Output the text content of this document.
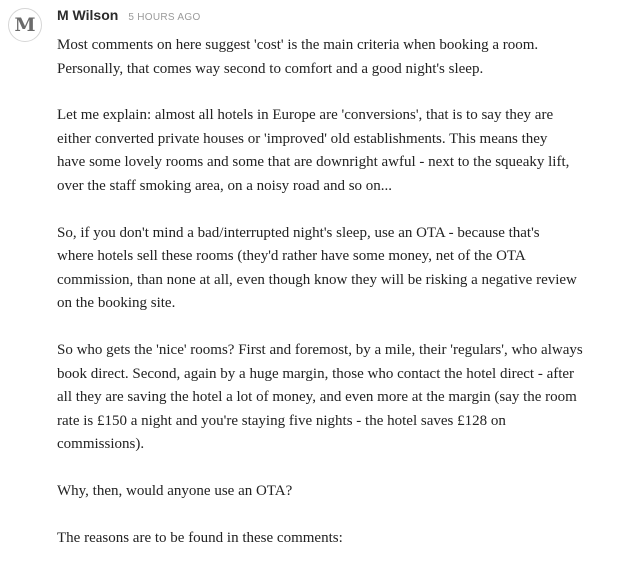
M M Wilson 5 HOURS AGO

Most comments on here suggest 'cost' is the main criteria when booking a room.
Personally, that comes way second to comfort and a good night's sleep.

Let me explain: almost all hotels in Europe are 'conversions', that is to say they are
either converted private houses or 'improved' old establishments. This means they
have some lovely rooms and some that are downright awful - next to the squeaky lift,
over the staff smoking area, on a noisy road and so on...

So, if you don't mind a bad/interrupted night's sleep, use an OTA - because that's
where hotels sell these rooms (they'd rather have some money, net of the OTA
commission, than none at all, even though know they will be risking a negative review
on the booking site.

So who gets the 'nice' rooms? First and foremost, by a mile, their 'regulars', who always
book direct. Second, again by a huge margin, those who contact the hotel direct - after
all they are saving the hotel a lot of money, and even more at the margin (say the room
rate is £150 a night and you're staying five nights - the hotel saves £128 on
commissions).

Why, then, would anyone use an OTA?

The reasons are to be found in these comments:
